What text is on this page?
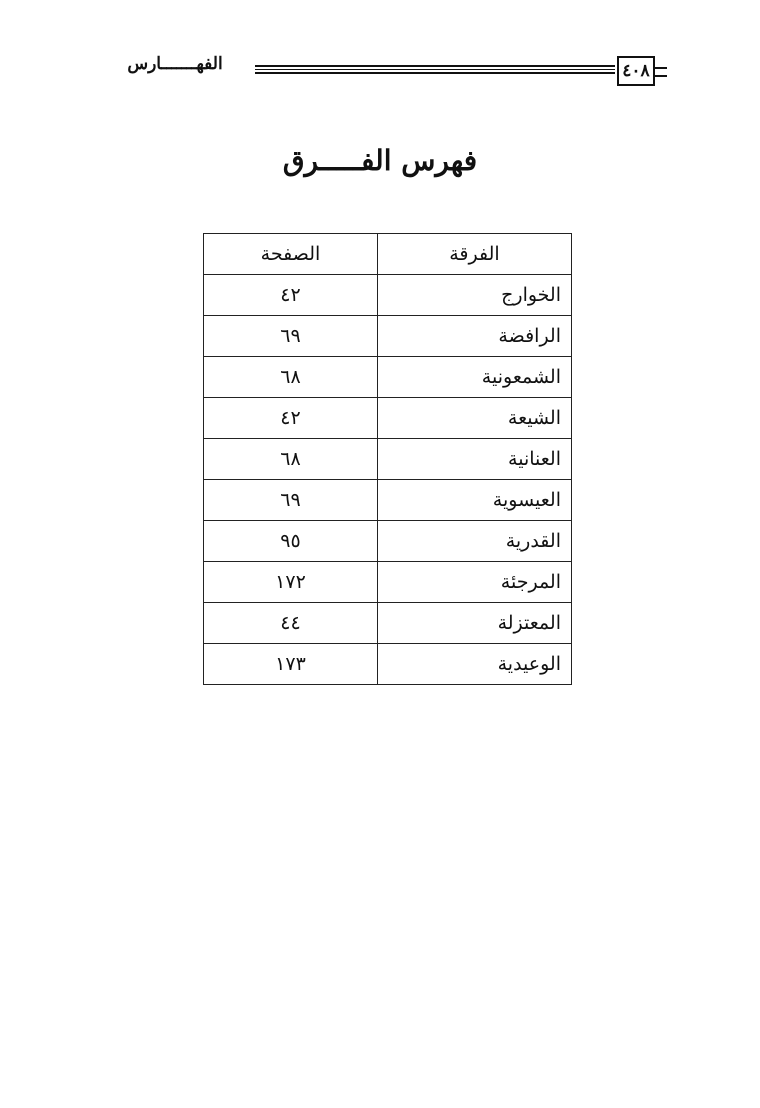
الفهـــــــارس	٤٠٨
فهرس الفـــــرق
الفرقة	الصفحة
الخوارج	٤٢
الرافضة	٦٩
الشمعونية	٦٨
الشيعة	٤٢
العنانية	٦٨
العيسوية	٦٩
القدرية	٩٥
المرجئة	١٧٢
المعتزلة	٤٤
الوعيدية	١٧٣
